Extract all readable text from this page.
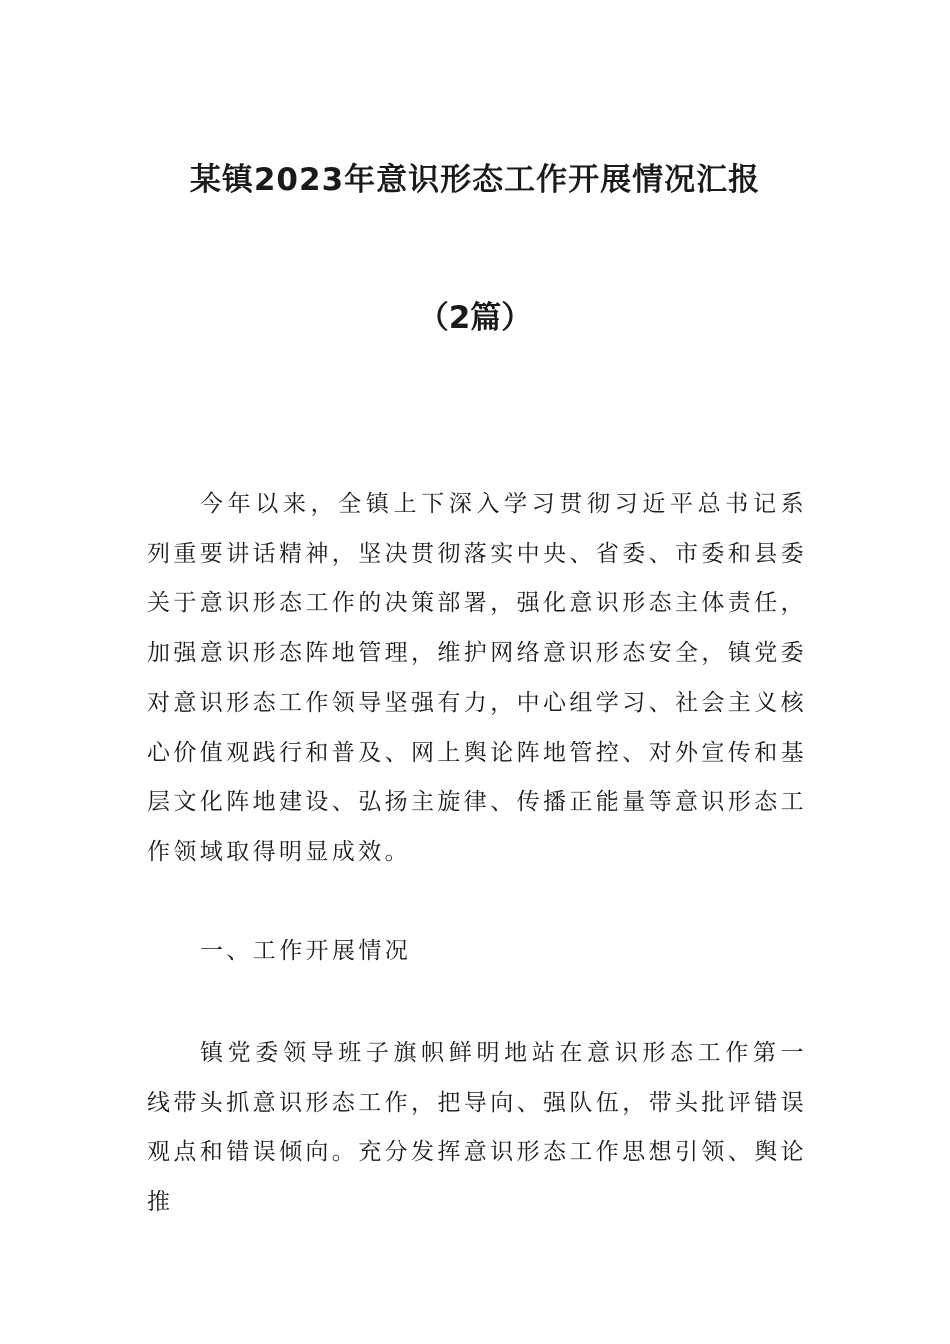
某镇2023年意识形态工作开展情况汇报
（2篇）

今年以来，全镇上下深入学习贯彻习近平总书记系列重要讲话精神，坚决贯彻落实中央、省委、市委和县委关于意识形态工作的决策部署，强化意识形态主体责任，加强意识形态阵地管理，维护网络意识形态安全，镇党委对意识形态工作领导坚强有力，中心组学习、社会主义核心价值观践行和普及、网上舆论阵地管控、对外宣传和基层文化阵地建设、弘扬主旋律、传播正能量等意识形态工作领域取得明显成效。

一、工作开展情况

镇党委领导班子旗帜鲜明地站在意识形态工作第一线带头抓意识形态工作，把导向、强队伍，带头批评错误观点和错误倾向。充分发挥意识形态工作思想引领、舆论推
